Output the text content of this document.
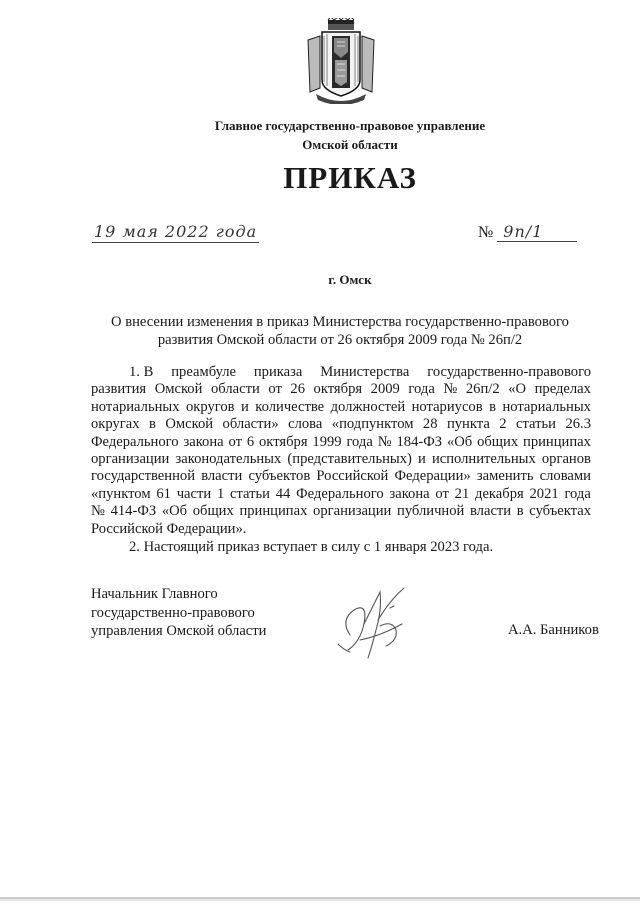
Главное государственно-правовое управление
Омской области
ПРИКАЗ
19 мая 2022 года	№ 9п/1
г. Омск
О внесении изменения в приказ Министерства государственно-правового
развития Омской области от 26 октября 2009 года № 26п/2
1. В преамбуле приказа Министерства государственно-правового
развития Омской области от 26 октября 2009 года № 26п/2 «О пределах
нотариальных округов и количестве должностей нотариусов в нотариальных
округах в Омской области» слова «подпунктом 28 пункта 2 статьи 26.3
Федерального закона от 6 октября 1999 года № 184-ФЗ «Об общих принципах
организации законодательных (представительных) и исполнительных органов
государственной власти субъектов Российской Федерации» заменить словами
«пунктом 61 части 1 статьи 44 Федерального закона от 21 декабря 2021 года
№ 414-ФЗ «Об общих принципах организации публичной власти в субъектах
Российской Федерации».
2. Настоящий приказ вступает в силу с 1 января 2023 года.
Начальник Главного
государственно-правового
управления Омской области	А.А. Банников
